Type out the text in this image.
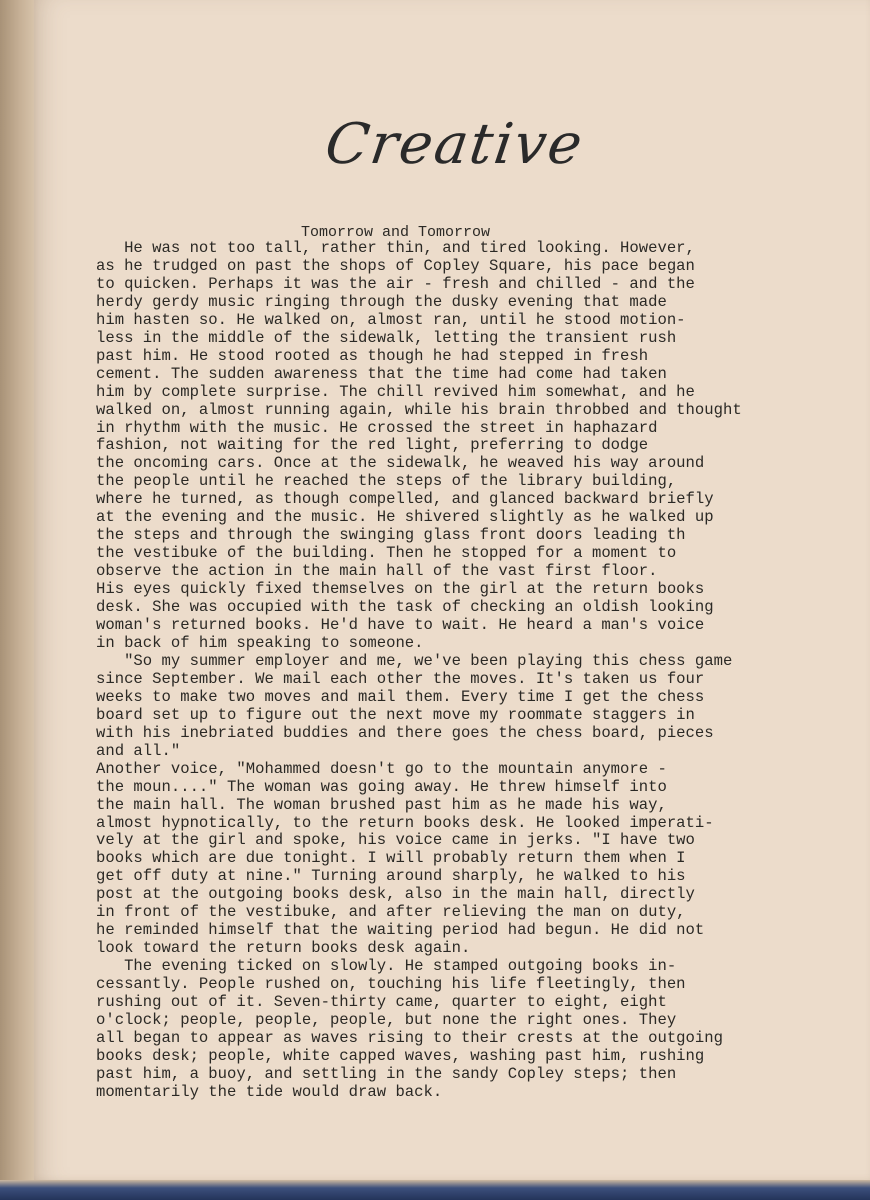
Creative
Tomorrow and Tomorrow
He was not too tall, rather thin, and tired looking. However,
as he trudged on past the shops of Copley Square, his pace began
to quicken. Perhaps it was the air - fresh and chilled - and the
herdy gerdy music ringing through the dusky evening that made
him hasten so. He walked on, almost ran, until he stood motion-
less in the middle of the sidewalk, letting the transient rush
past him. He stood rooted as though he had stepped in fresh
cement. The sudden awareness that the time had come had taken
him by complete surprise. The chill revived him somewhat, and he
walked on, almost running again, while his brain throbbed and thought
in rhythm with the music. He crossed the street in haphazard
fashion, not waiting for the red light, preferring to dodge
the oncoming cars. Once at the sidewalk, he weaved his way around
the people until he reached the steps of the library building,
where he turned, as though compelled, and glanced backward briefly
at the evening and the music. He shivered slightly as he walked up
the steps and through the swinging glass front doors leading th
the vestibuke of the building. Then he stopped for a moment to
observe the action in the main hall of the vast first floor.
His eyes quickly fixed themselves on the girl at the return books
desk. She was occupied with the task of checking an oldish looking
woman's returned books. He'd have to wait. He heard a man's voice
in back of him speaking to someone.
"So my summer employer and me, we've been playing this chess game
since September. We mail each other the moves. It's taken us four
weeks to make two moves and mail them. Every time I get the chess
board set up to figure out the next move my roommate staggers in
with his inebriated buddies and there goes the chess board, pieces
and all."
Another voice, "Mohammed doesn't go to the mountain anymore -
the moun...." The woman was going away. He threw himself into
the main hall. The woman brushed past him as he made his way,
almost hypnotically, to the return books desk. He looked imperati-
vely at the girl and spoke, his voice came in jerks. "I have two
books which are due tonight. I will probably return them when I
get off duty at nine." Turning around sharply, he walked to his
post at the outgoing books desk, also in the main hall, directly
in front of the vestibuke, and after relieving the man on duty,
he reminded himself that the waiting period had begun. He did not
look toward the return books desk again.
The evening ticked on slowly. He stamped outgoing books in-
cessantly. People rushed on, touching his life fleetingly, then
rushing out of it. Seven-thirty came, quarter to eight, eight
o'clock; people, people, people, but none the right ones. They
all began to appear as waves rising to their crests at the outgoing
books desk; people, white capped waves, washing past him, rushing
past him, a buoy, and settling in the sandy Copley steps; then
momentarily the tide would draw back.
